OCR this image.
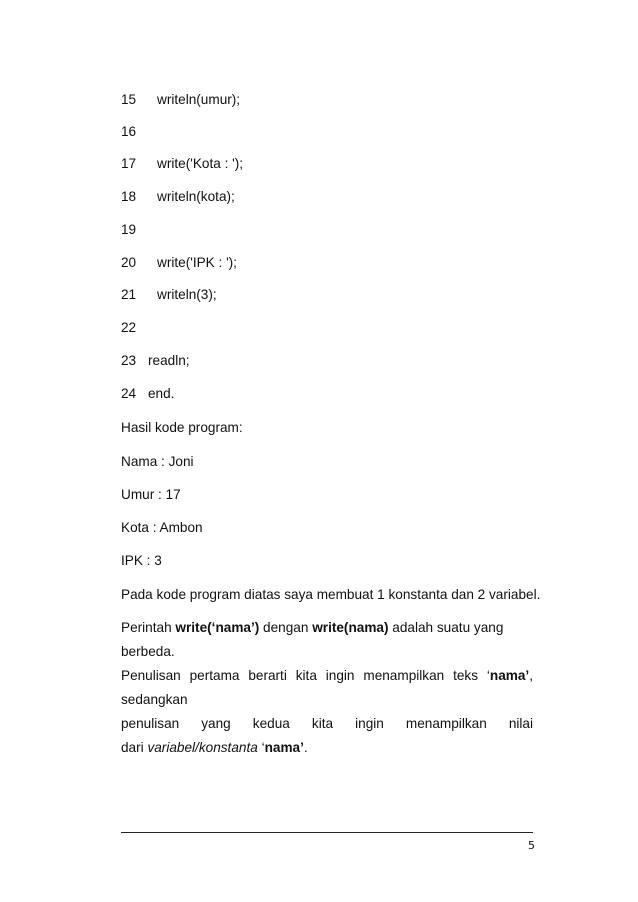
15 writeln(umur);
16
17 write('Kota : ');
18 writeln(kota);
19
20 write('IPK : ');
21 writeln(3);
22
23 readln;
24 end.
Hasil kode program:
Nama : Joni
Umur : 17
Kota : Ambon
IPK : 3
Pada kode program diatas saya membuat 1 konstanta dan 2 variabel.
Perintah write(‘nama’) dengan write(nama) adalah suatu yang berbeda.
Penulisan pertama berarti kita ingin menampilkan teks ‘nama’, sedangkan
penulisan yang kedua kita ingin menampilkan nilai
dari variabel/konstanta ‘nama’.
5
